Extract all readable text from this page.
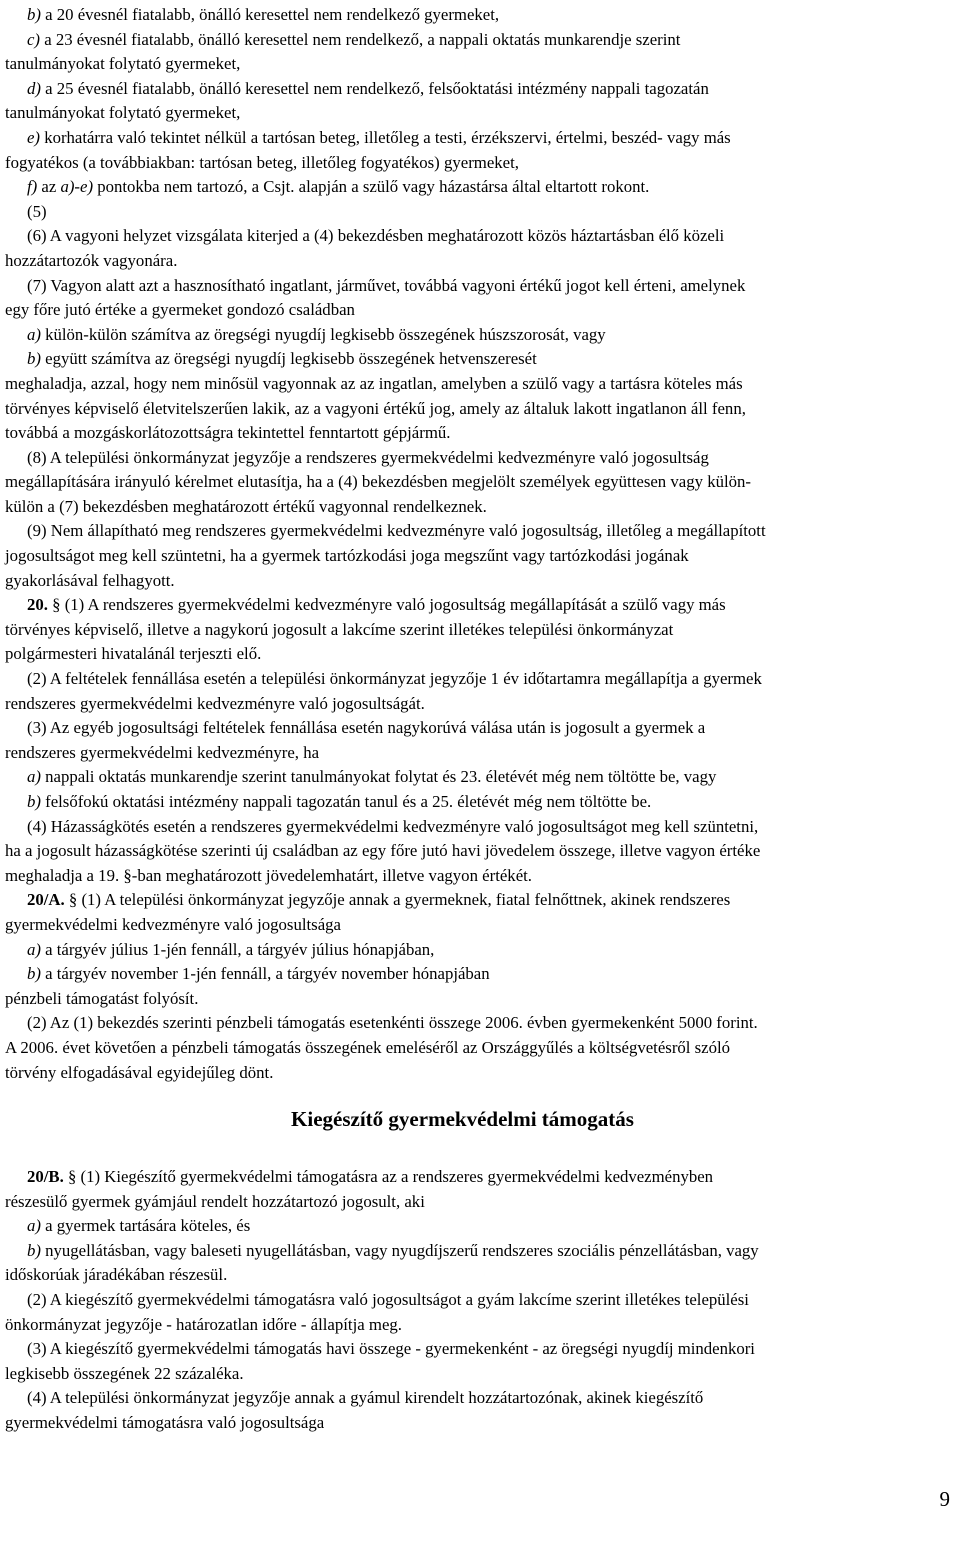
b) a 20 évesnél fiatalabb, önálló keresettel nem rendelkező gyermeket,
c) a 23 évesnél fiatalabb, önálló keresettel nem rendelkező, a nappali oktatás munkarendje szerint
tanulmányokat folytató gyermeket,
d) a 25 évesnél fiatalabb, önálló keresettel nem rendelkező, felsőoktatási intézmény nappali tagozatán
tanulmányokat folytató gyermeket,
e) korhatárra való tekintet nélkül a tartósan beteg, illetőleg a testi, érzékszervi, értelmi, beszéd- vagy más
fogyatékos (a továbbiakban: tartósan beteg, illetőleg fogyatékos) gyermeket,
f) az a)-e) pontokba nem tartozó, a Csjt. alapján a szülő vagy házastársa által eltartott rokont.
(5)
(6) A vagyoni helyzet vizsgálata kiterjed a (4) bekezdésben meghatározott közös háztartásban élő közeli
hozzátartozók vagyonára.
(7) Vagyon alatt azt a hasznosítható ingatlant, járművet, továbbá vagyoni értékű jogot kell érteni, amelynek
egy főre jutó értéke a gyermeket gondozó családban
a) külön-külön számítva az öregségi nyugdíj legkisebb összegének húszszorosát, vagy
b) együtt számítva az öregségi nyugdíj legkisebb összegének hetvenszeresét
meghaladja, azzal, hogy nem minősül vagyonnak az az ingatlan, amelyben a szülő vagy a tartásra köteles más
törvényes képviselő életvitelszerűen lakik, az a vagyoni értékű jog, amely az általuk lakott ingatlanon áll fenn,
továbbá a mozgáskorlátozottságra tekintettel fenntartott gépjármű.
(8) A települési önkormányzat jegyzője a rendszeres gyermekvédelmi kedvezményre való jogosultság
megállapítására irányuló kérelmet elutasítja, ha a (4) bekezdésben megjelölt személyek együttesen vagy külön-
külön a (7) bekezdésben meghatározott értékű vagyonnal rendelkeznek.
(9) Nem állapítható meg rendszeres gyermekvédelmi kedvezményre való jogosultság, illetőleg a megállapított
jogosultságot meg kell szüntetni, ha a gyermek tartózkodási joga megszűnt vagy tartózkodási jogának
gyakorlásával felhagyott.
20. § (1) A rendszeres gyermekvédelmi kedvezményre való jogosultság megállapítását a szülő vagy más
törvényes képviselő, illetve a nagykorú jogosult a lakcíme szerint illetékes települési önkormányzat
polgármesteri hivatalánál terjeszti elő.
(2) A feltételek fennállása esetén a települési önkormányzat jegyzője 1 év időtartamra megállapítja a gyermek
rendszeres gyermekvédelmi kedvezményre való jogosultságát.
(3) Az egyéb jogosultsági feltételek fennállása esetén nagykorúvá válása után is jogosult a gyermek a
rendszeres gyermekvédelmi kedvezményre, ha
a) nappali oktatás munkarendje szerint tanulmányokat folytat és 23. életévét még nem töltötte be, vagy
b) felsőfokú oktatási intézmény nappali tagozatán tanul és a 25. életévét még nem töltötte be.
(4) Házasságkötés esetén a rendszeres gyermekvédelmi kedvezményre való jogosultságot meg kell szüntetni,
ha a jogosult házasságkötése szerinti új családban az egy főre jutó havi jövedelem összege, illetve vagyon értéke
meghaladja a 19. §-ban meghatározott jövedelemhatárt, illetve vagyon értékét.
20/A. § (1) A települési önkormányzat jegyzője annak a gyermeknek, fiatal felnőttnek, akinek rendszeres
gyermekvédelmi kedvezményre való jogosultsága
a) a tárgyév július 1-jén fennáll, a tárgyév július hónapjában,
b) a tárgyév november 1-jén fennáll, a tárgyév november hónapjában
pénzbeli támogatást folyósít.
(2) Az (1) bekezdés szerinti pénzbeli támogatás esetenkénti összege 2006. évben gyermekenként 5000 forint.
A 2006. évet követően a pénzbeli támogatás összegének emeléséről az Országgyűlés a költségvetésről szóló
törvény elfogadásával egyidejűleg dönt.
Kiegészítő gyermekvédelmi támogatás
20/B. § (1) Kiegészítő gyermekvédelmi támogatásra az a rendszeres gyermekvédelmi kedvezményben
részesülő gyermek gyámjául rendelt hozzátartozó jogosult, aki
a) a gyermek tartására köteles, és
b) nyugellátásban, vagy baleseti nyugellátásban, vagy nyugdíjszerű rendszeres szociális pénzellátásban, vagy
időskorúak járadékában részesül.
(2) A kiegészítő gyermekvédelmi támogatásra való jogosultságot a gyám lakcíme szerint illetékes települési
önkormányzat jegyzője - határozatlan időre - állapítja meg.
(3) A kiegészítő gyermekvédelmi támogatás havi összege - gyermekenként - az öregségi nyugdíj mindenkori
legkisebb összegének 22 százaléka.
(4) A települési önkormányzat jegyzője annak a gyámul kirendelt hozzátartozónak, akinek kiegészítő
gyermekvédelmi támogatásra való jogosultsága
9
